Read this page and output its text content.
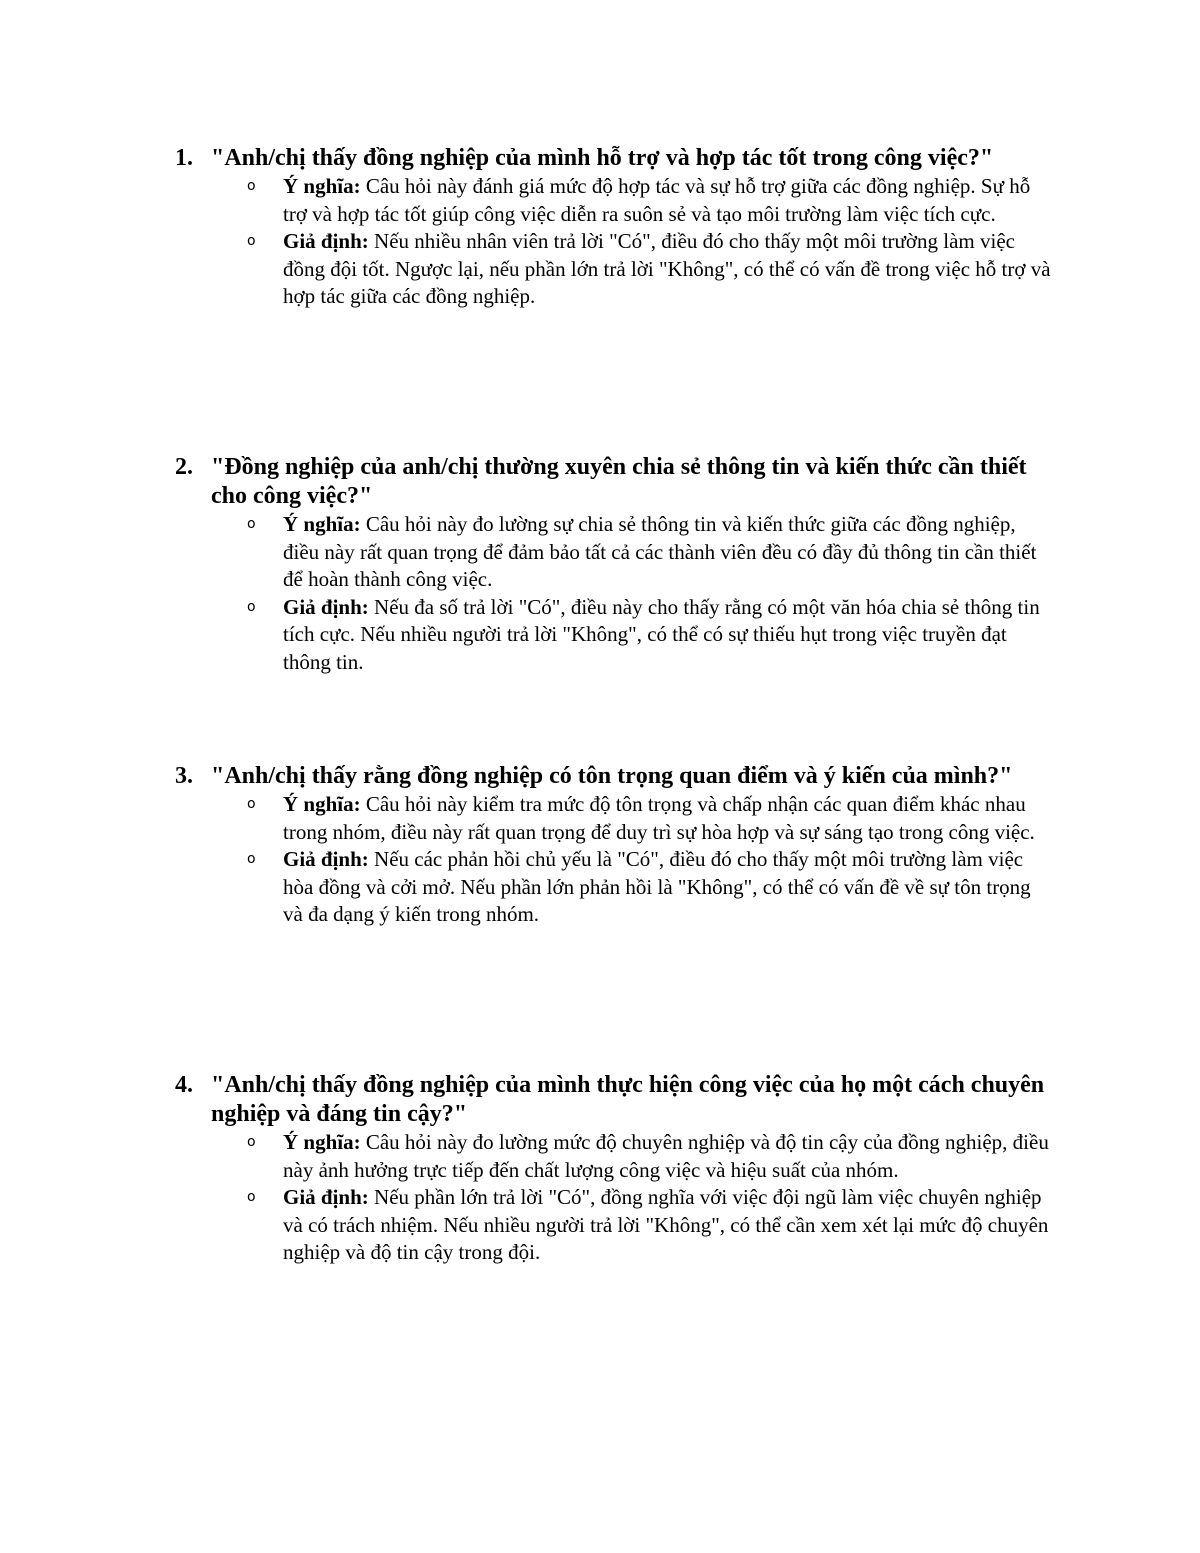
1. "Anh/chị thấy đồng nghiệp của mình hỗ trợ và hợp tác tốt trong công việc?"
o	Ý nghĩa: Câu hỏi này đánh giá mức độ hợp tác và sự hỗ trợ giữa các đồng nghiệp. Sự hỗ trợ và hợp tác tốt giúp công việc diễn ra suôn sẻ và tạo môi trường làm việc tích cực.
o	Giả định: Nếu nhiều nhân viên trả lời "Có", điều đó cho thấy một môi trường làm việc đồng đội tốt. Ngược lại, nếu phần lớn trả lời "Không", có thể có vấn đề trong việc hỗ trợ và hợp tác giữa các đồng nghiệp.
2. "Đồng nghiệp của anh/chị thường xuyên chia sẻ thông tin và kiến thức cần thiết cho công việc?"
o	Ý nghĩa: Câu hỏi này đo lường sự chia sẻ thông tin và kiến thức giữa các đồng nghiệp, điều này rất quan trọng để đảm bảo tất cả các thành viên đều có đầy đủ thông tin cần thiết để hoàn thành công việc.
o	Giả định: Nếu đa số trả lời "Có", điều này cho thấy rằng có một văn hóa chia sẻ thông tin tích cực. Nếu nhiều người trả lời "Không", có thể có sự thiếu hụt trong việc truyền đạt thông tin.
3. "Anh/chị thấy rằng đồng nghiệp có tôn trọng quan điểm và ý kiến của mình?"
o	Ý nghĩa: Câu hỏi này kiểm tra mức độ tôn trọng và chấp nhận các quan điểm khác nhau trong nhóm, điều này rất quan trọng để duy trì sự hòa hợp và sự sáng tạo trong công việc.
o	Giả định: Nếu các phản hồi chủ yếu là "Có", điều đó cho thấy một môi trường làm việc hòa đồng và cởi mở. Nếu phần lớn phản hồi là "Không", có thể có vấn đề về sự tôn trọng và đa dạng ý kiến trong nhóm.
4. "Anh/chị thấy đồng nghiệp của mình thực hiện công việc của họ một cách chuyên nghiệp và đáng tin cậy?"
o	Ý nghĩa: Câu hỏi này đo lường mức độ chuyên nghiệp và độ tin cậy của đồng nghiệp, điều này ảnh hưởng trực tiếp đến chất lượng công việc và hiệu suất của nhóm.
o	Giả định: Nếu phần lớn trả lời "Có", đồng nghĩa với việc đội ngũ làm việc chuyên nghiệp và có trách nhiệm. Nếu nhiều người trả lời "Không", có thể cần xem xét lại mức độ chuyên nghiệp và độ tin cậy trong đội.
